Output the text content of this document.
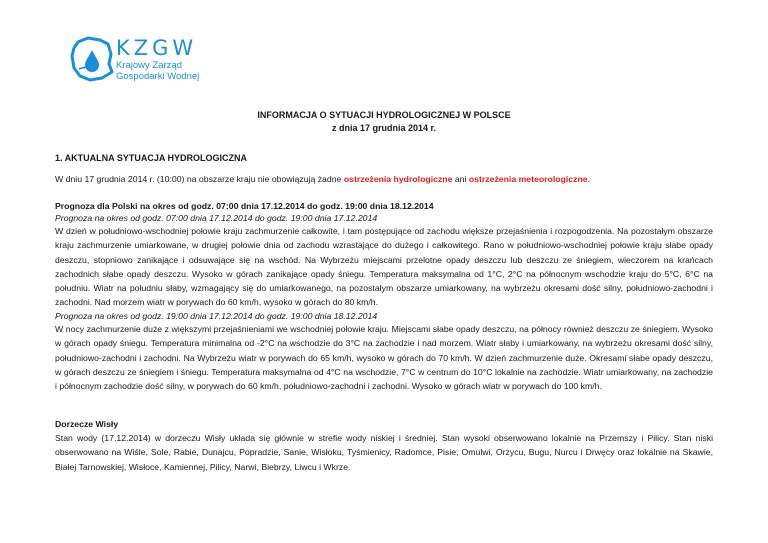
KZGW
Krajowy Zarząd
Gospodarki Wodnej
INFORMACJA O SYTUACJI HYDROLOGICZNEJ W POLSCE
z dnia 17 grudnia 2014 r.
1. AKTUALNA SYTUACJA HYDROLOGICZNA
W dniu 17 grudnia 2014 r. (10:00) na obszarze kraju nie obowiązują żadne ostrzeżenia hydrologiczne ani ostrzeżenia meteorologiczne.
Prognoza dla Polski na okres od godz. 07:00 dnia 17.12.2014 do godz. 19:00 dnia 18.12.2014
Prognoza na okres od godz. 07:00 dnia 17.12.2014 do godz. 19:00 dnia 17.12.2014
W dzień w południowo-wschodniej połowie kraju zachmurzenie całkowite, i tam postępujące od zachodu większe przejaśnienia i rozpogodzenia. Na pozostałym obszarze kraju zachmurzenie umiarkowane, w drugiej połowie dnia od zachodu wzrastające do dużego i całkowitego. Rano w południowo-wschodniej połowie kraju słabe opady deszczu, stopniowo zanikające i odsuwające się na wschód. Na Wybrzeżu miejscami przelotne opady deszczu lub deszczu ze śniegiem, wieczorem na krańcach zachodnich słabe opady deszczu. Wysoko w górach zanikające opady śniegu. Temperatura maksymalna od 1°C, 2°C na północnym wschodzie kraju do 5°C, 6°C na południu. Wiatr na południu słaby, wzmagający się do umiarkowanego, na pozostałym obszarze umiarkowany, na wybrzeżu okresami dość silny, południowo-zachodni i zachodni. Nad morzem wiatr w porywach do 60 km/h, wysoko w górach do 80 km/h.
Prognoza na okres od godz. 19:00 dnia 17.12.2014 do godz. 19:00 dnia 18.12.2014
W nocy zachmurzenie duże z większymi przejaśnieniami we wschodniej połowie kraju. Miejscami słabe opady deszczu, na północy również deszczu ze śniegiem. Wysoko w górach opady śniegu. Temperatura minimalna od -2°C na wschodzie do 3°C na zachodzie i nad morzem. Wiatr słaby i umiarkowany, na wybrzeżu okresami dość silny, południowo-zachodni i zachodni. Na Wybrzeżu wiatr w porywach do 65 km/h, wysoko w górach do 70 km/h. W dzień zachmurzenie duże. Okresami słabe opady deszczu, w górach deszczu ze śniegiem i śniegu. Temperatura maksymalna od 4°C na wschodzie, 7°C w centrum do 10°C lokalnie na zachodzie. Wiatr umiarkowany, na zachodzie i północnym zachodzie dość silny, w porywach do 60 km/h, południowo-zachodni i zachodni. Wysoko w górach wiatr w porywach do 100 km/h.
Dorzecze Wisły
Stan wody (17.12.2014) w dorzeczu Wisły układa się głównie w strefie wody niskiej i średniej. Stan wysoki obserwowano lokalnie na Przemszy i Pilicy. Stan niski obserwowano na Wiśle, Sole, Rabie, Dunajcu, Popradzie, Sanie, Wisłoku, Tyśmienicy, Radomce, Pisie, Omulwi, Orzycu, Bugu, Nurcu i Drwęcy oraz lokalnie na Skawie, Białej Tarnowskiej, Wisłoce, Kamiennej, Pilicy, Narwi, Biebrzy, Liwcu i Wkrze.
